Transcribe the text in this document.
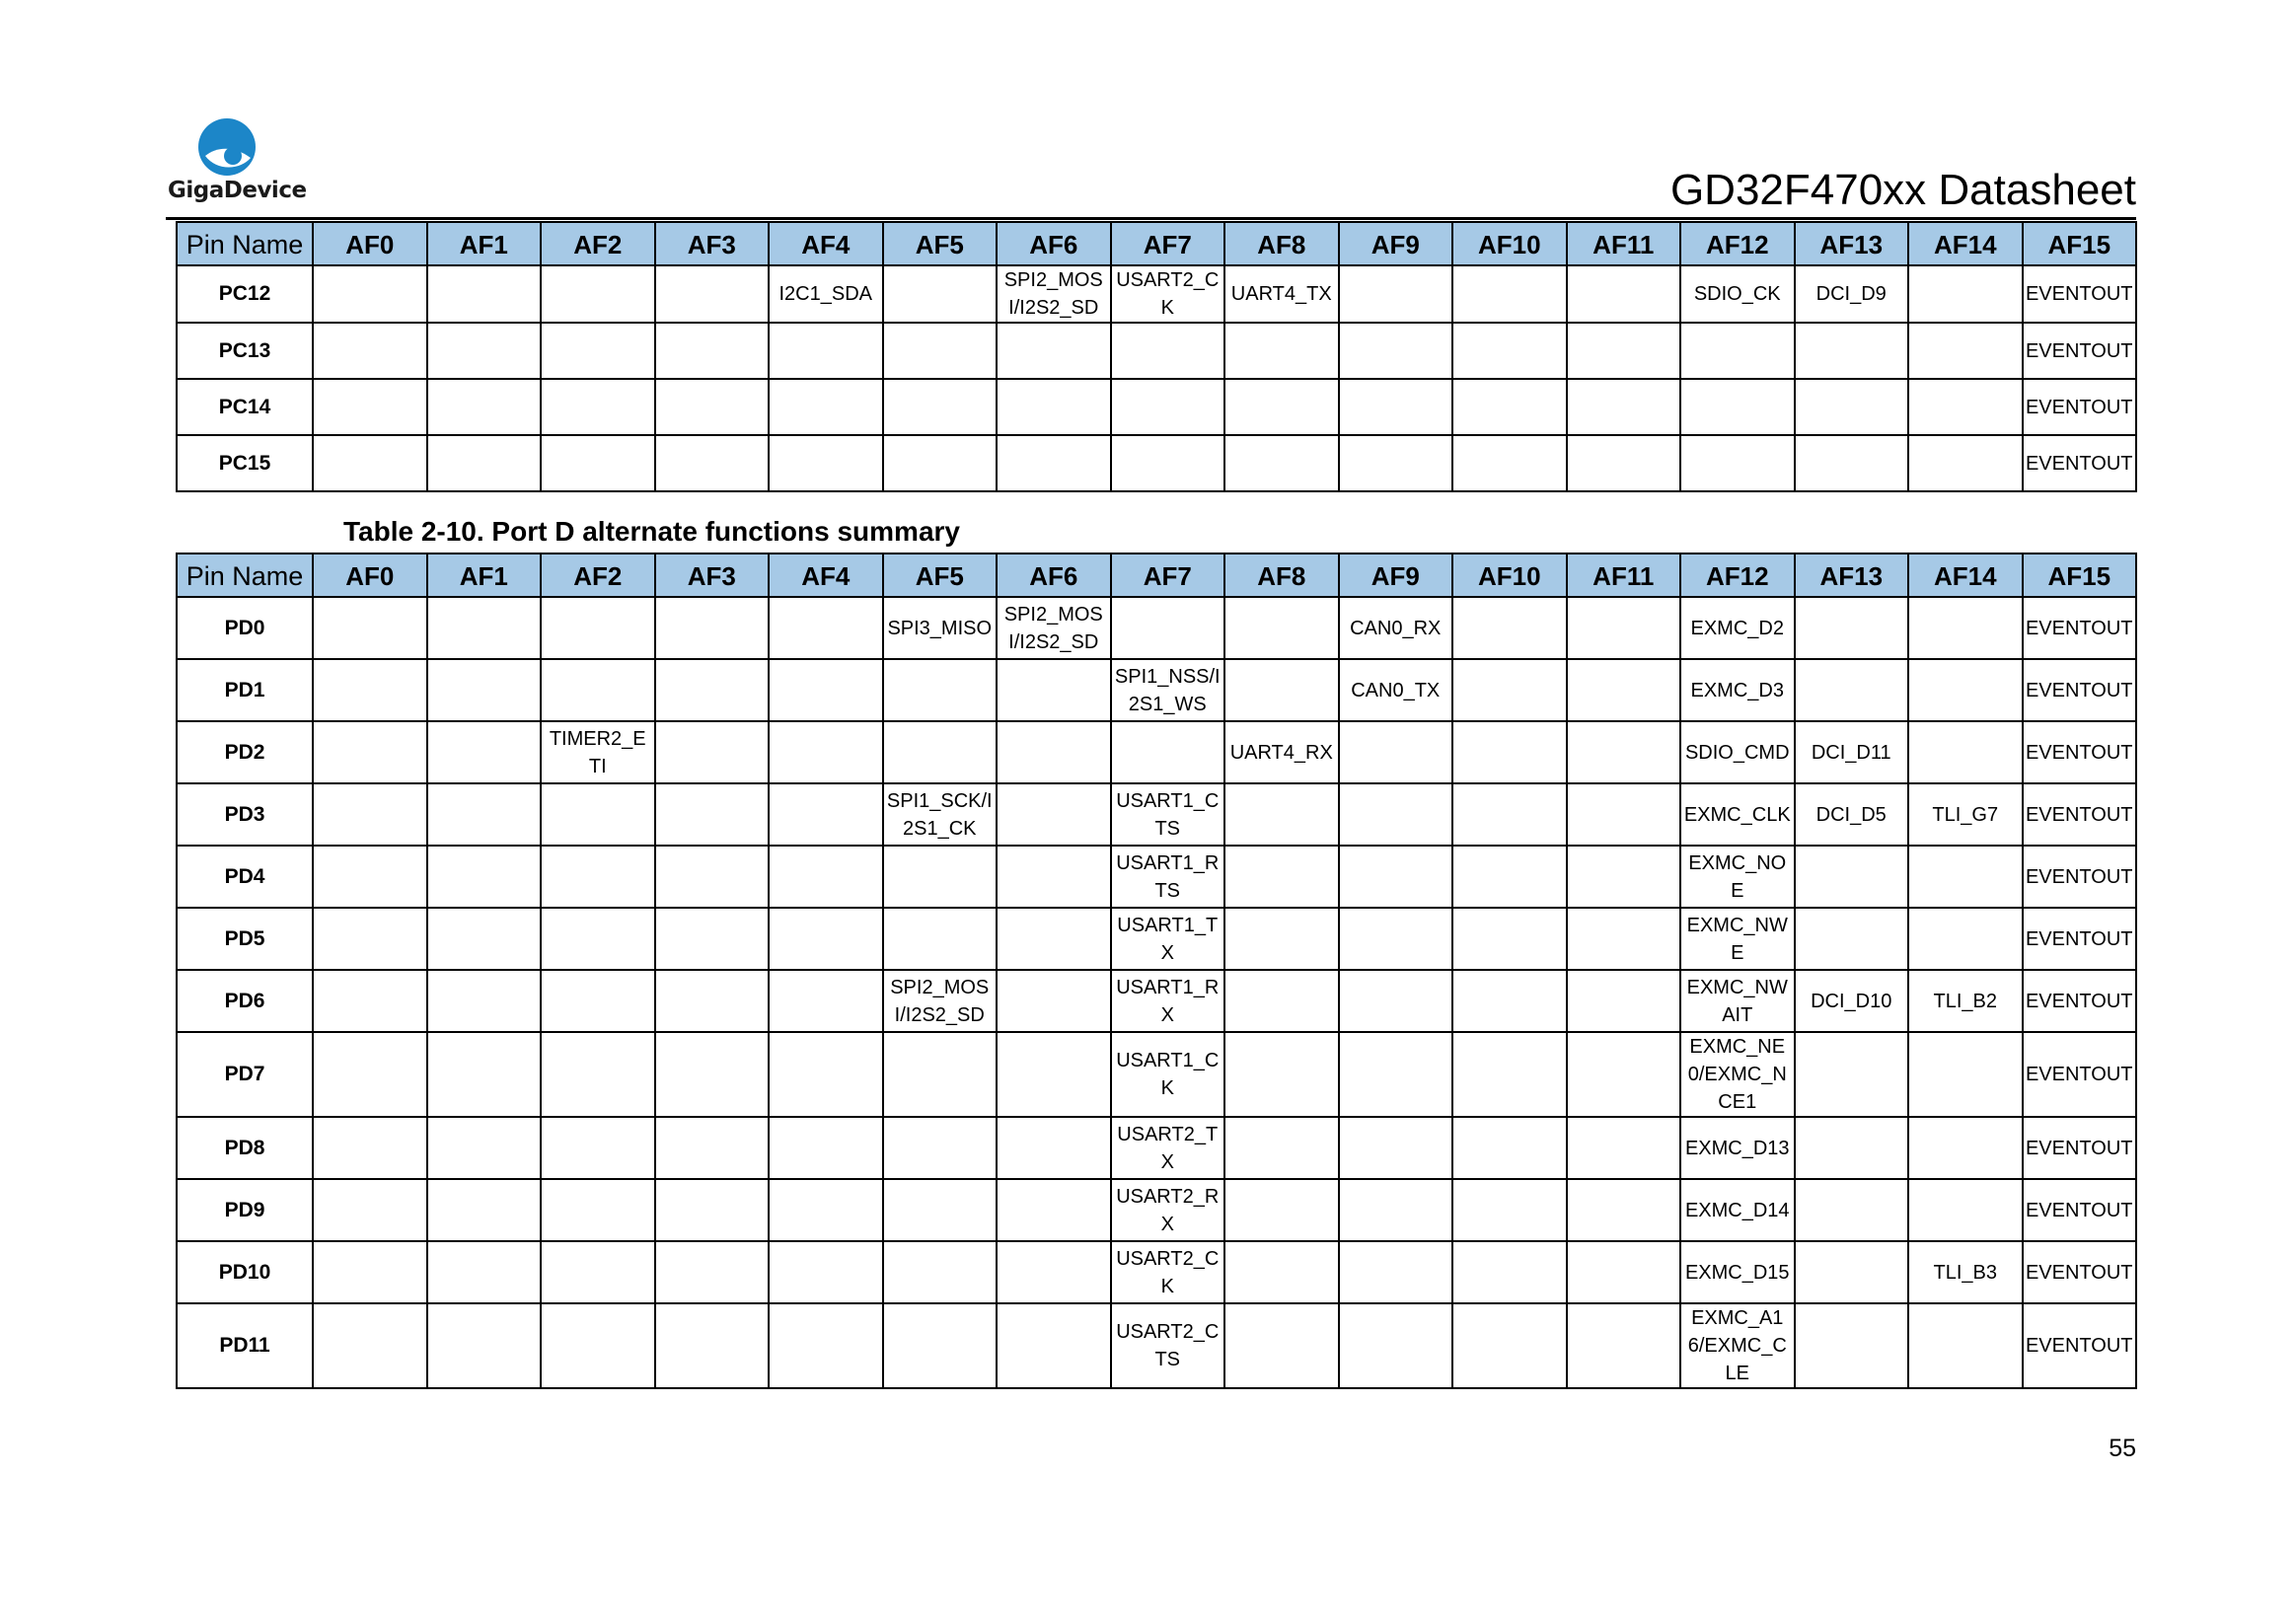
GigaDevice	GD32F470xx Datasheet
Pin Name	AF0	AF1	AF2	AF3	AF4	AF5	AF6	AF7	AF8	AF9	AF10	AF11	AF12	AF13	AF14	AF15
PC12					I2C1_SDA		SPI2_MOSI/I2S2_SD	USART2_CK	UART4_TX				SDIO_CK	DCI_D9		EVENTOUT
PC13																EVENTOUT
PC14																EVENTOUT
PC15																EVENTOUT
Table 2-10. Port D alternate functions summary
Pin Name	AF0	AF1	AF2	AF3	AF4	AF5	AF6	AF7	AF8	AF9	AF10	AF11	AF12	AF13	AF14	AF15
PD0						SPI3_MISO	SPI2_MOSI/I2S2_SD			CAN0_RX			EXMC_D2			EVENTOUT
PD1								SPI1_NSS/I2S1_WS		CAN0_TX			EXMC_D3			EVENTOUT
PD2			TIMER2_ETI						UART4_RX				SDIO_CMD	DCI_D11		EVENTOUT
PD3						SPI1_SCK/I2S1_CK		USART1_CTS					EXMC_CLK	DCI_D5	TLI_G7	EVENTOUT
PD4								USART1_RTS					EXMC_NOE			EVENTOUT
PD5								USART1_TX					EXMC_NWE			EVENTOUT
PD6						SPI2_MOSI/I2S2_SD		USART1_RX					EXMC_NWAIT	DCI_D10	TLI_B2	EVENTOUT
PD7								USART1_CK					EXMC_NE0/EXMC_NCE1			EVENTOUT
PD8								USART2_TX					EXMC_D13			EVENTOUT
PD9								USART2_RX					EXMC_D14			EVENTOUT
PD10								USART2_CK					EXMC_D15		TLI_B3	EVENTOUT
PD11								USART2_CTS					EXMC_A16/EXMC_CLE			EVENTOUT
55
